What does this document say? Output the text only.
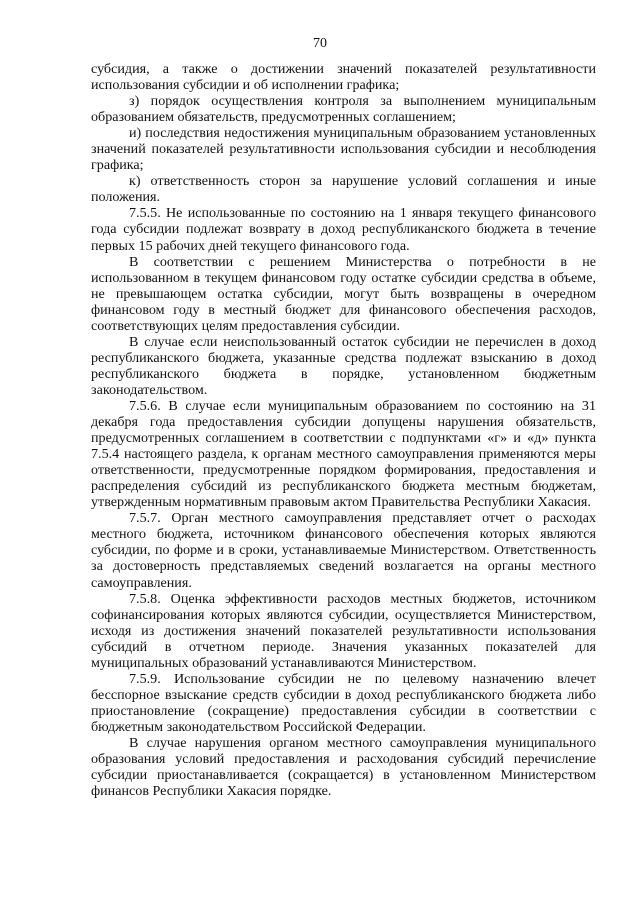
70

субсидия, а также о достижении значений показателей результативности использования субсидии и об исполнении графика;

з) порядок осуществления контроля за выполнением муниципальным образованием обязательств, предусмотренных соглашением;

и) последствия недостижения муниципальным образованием установленных значений показателей результативности использования субсидии и несоблюдения графика;

к) ответственность сторон за нарушение условий соглашения и иные положения.

7.5.5. Не использованные по состоянию на 1 января текущего финансового года субсидии подлежат возврату в доход республиканского бюджета в течение первых 15 рабочих дней текущего финансового года.

В соответствии с решением Министерства о потребности в не использованном в текущем финансовом году остатке субсидии средства в объеме, не превышающем остатка субсидии, могут быть возвращены в очередном финансовом году в местный бюджет для финансового обеспечения расходов, соответствующих целям предоставления субсидии.

В случае если неиспользованный остаток субсидии не перечислен в доход республиканского бюджета, указанные средства подлежат взысканию в доход республиканского бюджета в порядке, установленном бюджетным законодательством.

7.5.6. В случае если муниципальным образованием по состоянию на 31 декабря года предоставления субсидии допущены нарушения обязательств, предусмотренных соглашением в соответствии с подпунктами «г» и «д» пункта 7.5.4 настоящего раздела, к органам местного самоуправления применяются меры ответственности, предусмотренные порядком формирования, предоставления и распределения субсидий из республиканского бюджета местным бюджетам, утвержденным нормативным правовым актом Правительства Республики Хакасия.

7.5.7. Орган местного самоуправления представляет отчет о расходах местного бюджета, источником финансового обеспечения которых являются субсидии, по форме и в сроки, устанавливаемые Министерством. Ответственность за достоверность представляемых сведений возлагается на органы местного самоуправления.

7.5.8. Оценка эффективности расходов местных бюджетов, источником софинансирования которых являются субсидии, осуществляется Министерством, исходя из достижения значений показателей результативности использования субсидий в отчетном периоде. Значения указанных показателей для муниципальных образований устанавливаются Министерством.

7.5.9. Использование субсидии не по целевому назначению влечет бесспорное взыскание средств субсидии в доход республиканского бюджета либо приостановление (сокращение) предоставления субсидии в соответствии с бюджетным законодательством Российской Федерации.

В случае нарушения органом местного самоуправления муниципального образования условий предоставления и расходования субсидий перечисление субсидии приостанавливается (сокращается) в установленном Министерством финансов Республики Хакасия порядке.
